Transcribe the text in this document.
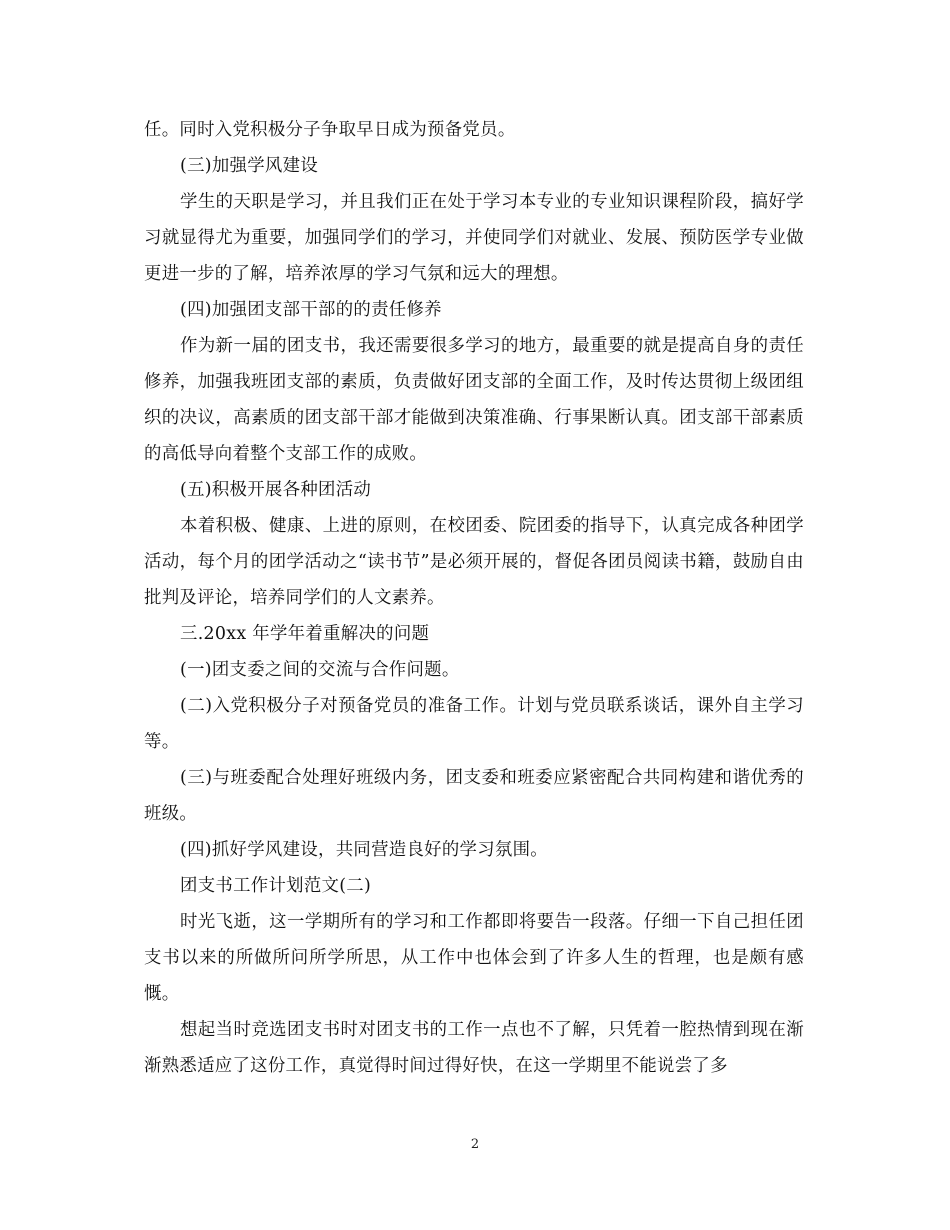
任。同时入党积极分子争取早日成为预备党员。

(三)加强学风建设

学生的天职是学习，并且我们正在处于学习本专业的专业知识课程阶段，搞好学习就显得尤为重要，加强同学们的学习，并使同学们对就业、发展、预防医学专业做更进一步的了解，培养浓厚的学习气氛和远大的理想。

(四)加强团支部干部的的责任修养

作为新一届的团支书，我还需要很多学习的地方，最重要的就是提高自身的责任修养，加强我班团支部的素质，负责做好团支部的全面工作，及时传达贯彻上级团组织的决议，高素质的团支部干部才能做到决策准确、行事果断认真。团支部干部素质的高低导向着整个支部工作的成败。

(五)积极开展各种团活动

本着积极、健康、上进的原则，在校团委、院团委的指导下，认真完成各种团学活动，每个月的团学活动之“读书节”是必须开展的，督促各团员阅读书籍，鼓励自由批判及评论，培养同学们的人文素养。

三.20xx 年学年着重解决的问题

(一)团支委之间的交流与合作问题。

(二)入党积极分子对预备党员的准备工作。计划与党员联系谈话，课外自主学习等。

(三)与班委配合处理好班级内务，团支委和班委应紧密配合共同构建和谐优秀的班级。

(四)抓好学风建设，共同营造良好的学习氛围。

团支书工作计划范文(二)

时光飞逝，这一学期所有的学习和工作都即将要告一段落。仔细一下自己担任团支书以来的所做所问所学所思，从工作中也体会到了许多人生的哲理，也是颇有感慨。

想起当时竞选团支书时对团支书的工作一点也不了解，只凭着一腔热情到现在渐渐熟悉适应了这份工作，真觉得时间过得好快，在这一学期里不能说尝了多

2
